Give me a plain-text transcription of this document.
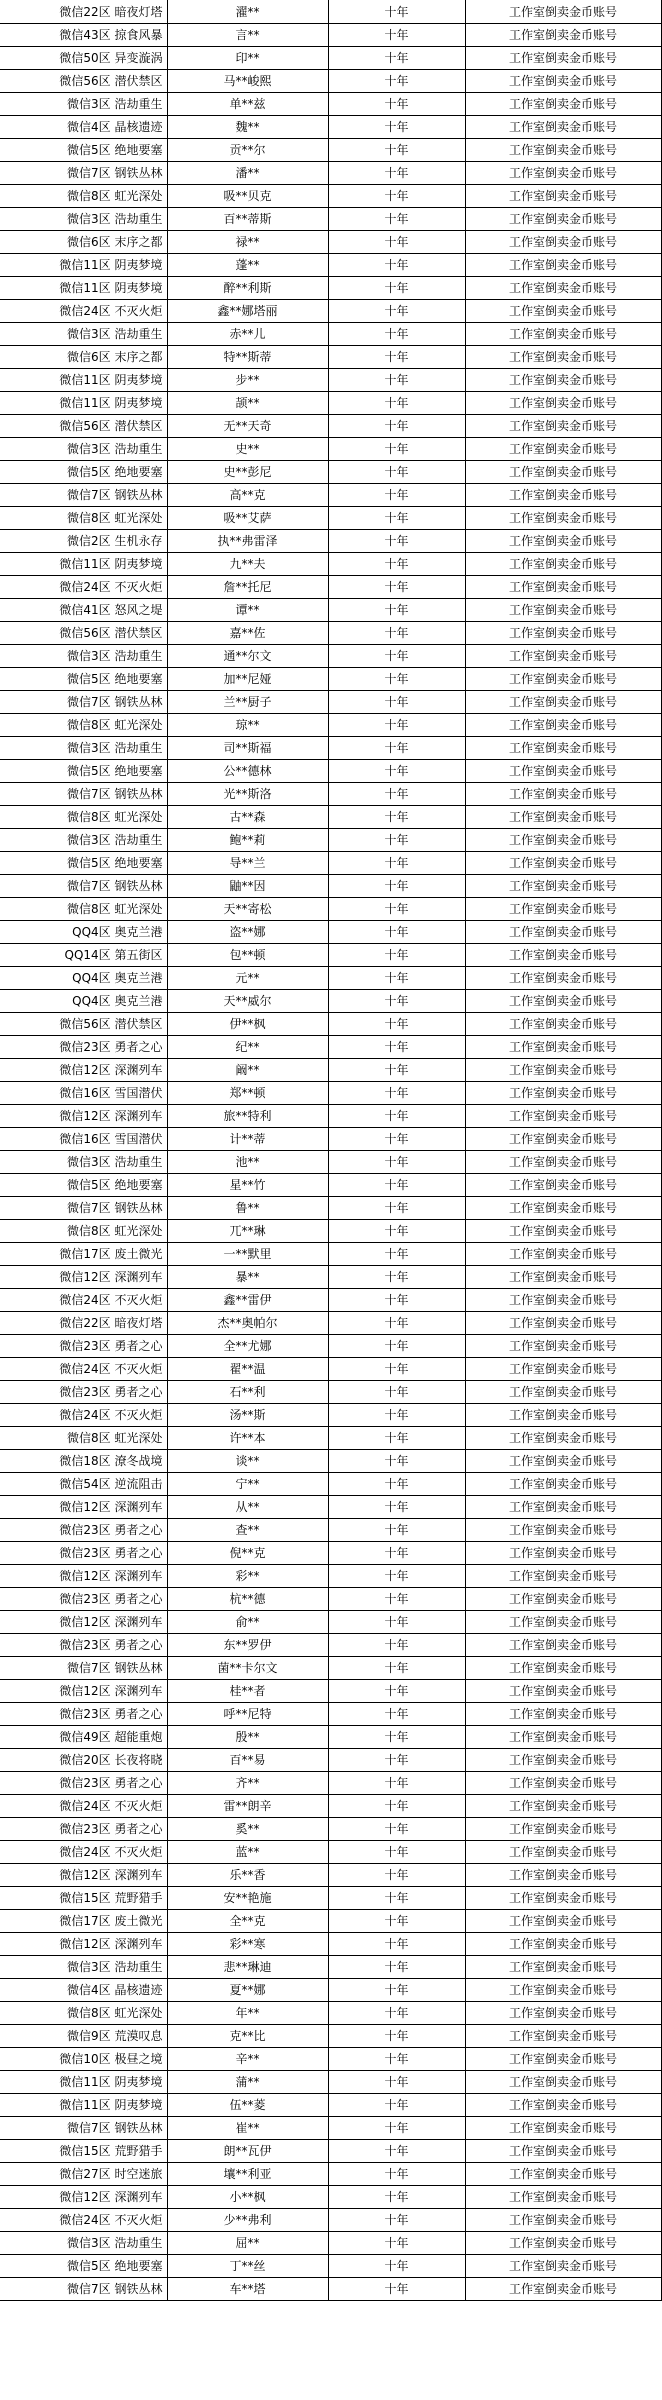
微信22区 暗夜灯塔	濯**	十年	工作室倒卖金币账号
微信43区 掠食风暴	言**	十年	工作室倒卖金币账号
微信50区 异变漩涡	印**	十年	工作室倒卖金币账号
微信56区 潜伏禁区	马**峻熙	十年	工作室倒卖金币账号
微信3区 浩劫重生	单**兹	十年	工作室倒卖金币账号
微信4区 晶核遗迹	魏**	十年	工作室倒卖金币账号
微信5区 绝地要塞	贡**尔	十年	工作室倒卖金币账号
微信7区 钢铁丛林	潘**	十年	工作室倒卖金币账号
微信8区 虹光深处	吸**贝克	十年	工作室倒卖金币账号
微信3区 浩劫重生	百**蒂斯	十年	工作室倒卖金币账号
微信6区 末序之都	禄**	十年	工作室倒卖金币账号
微信11区 阴夷梦境	蓬**	十年	工作室倒卖金币账号
微信11区 阴夷梦境	醉**利斯	十年	工作室倒卖金币账号
微信24区 不灭火炬	鑫**娜塔丽	十年	工作室倒卖金币账号
微信3区 浩劫重生	赤**儿	十年	工作室倒卖金币账号
微信6区 末序之都	特**斯蒂	十年	工作室倒卖金币账号
微信11区 阴夷梦境	步**	十年	工作室倒卖金币账号
微信11区 阴夷梦境	颉**	十年	工作室倒卖金币账号
微信56区 潜伏禁区	无**天奇	十年	工作室倒卖金币账号
微信3区 浩劫重生	史**	十年	工作室倒卖金币账号
微信5区 绝地要塞	史**彭尼	十年	工作室倒卖金币账号
微信7区 钢铁丛林	高**克	十年	工作室倒卖金币账号
微信8区 虹光深处	吸**艾萨	十年	工作室倒卖金币账号
微信2区 生机永存	执**弗雷泽	十年	工作室倒卖金币账号
微信11区 阴夷梦境	九**夫	十年	工作室倒卖金币账号
微信24区 不灭火炬	詹**托尼	十年	工作室倒卖金币账号
微信41区 怒风之堤	谭**	十年	工作室倒卖金币账号
微信56区 潜伏禁区	嘉**佐	十年	工作室倒卖金币账号
微信3区 浩劫重生	通**尔文	十年	工作室倒卖金币账号
微信5区 绝地要塞	加**尼娅	十年	工作室倒卖金币账号
微信7区 钢铁丛林	兰**厨子	十年	工作室倒卖金币账号
微信8区 虹光深处	琼**	十年	工作室倒卖金币账号
微信3区 浩劫重生	司**斯福	十年	工作室倒卖金币账号
微信5区 绝地要塞	公**德林	十年	工作室倒卖金币账号
微信7区 钢铁丛林	光**斯洛	十年	工作室倒卖金币账号
微信8区 虹光深处	古**森	十年	工作室倒卖金币账号
微信3区 浩劫重生	鲍**莉	十年	工作室倒卖金币账号
微信5区 绝地要塞	导**兰	十年	工作室倒卖金币账号
微信7区 钢铁丛林	鼬**因	十年	工作室倒卖金币账号
微信8区 虹光深处	天**寄松	十年	工作室倒卖金币账号
QQ4区 奥克兰港	盗**娜	十年	工作室倒卖金币账号
QQ14区 第五街区	包**顿	十年	工作室倒卖金币账号
QQ4区 奥克兰港	元**	十年	工作室倒卖金币账号
QQ4区 奥克兰港	天**威尔	十年	工作室倒卖金币账号
微信56区 潜伏禁区	伊**枫	十年	工作室倒卖金币账号
微信23区 勇者之心	纪**	十年	工作室倒卖金币账号
微信12区 深渊列车	阚**	十年	工作室倒卖金币账号
微信16区 雪国潜伏	郑**顿	十年	工作室倒卖金币账号
微信12区 深渊列车	旅**特利	十年	工作室倒卖金币账号
微信16区 雪国潜伏	计**蒂	十年	工作室倒卖金币账号
微信3区 浩劫重生	池**	十年	工作室倒卖金币账号
微信5区 绝地要塞	星**竹	十年	工作室倒卖金币账号
微信7区 钢铁丛林	鲁**	十年	工作室倒卖金币账号
微信8区 虹光深处	兀**琳	十年	工作室倒卖金币账号
微信17区 废土微光	一**默里	十年	工作室倒卖金币账号
微信12区 深渊列车	暴**	十年	工作室倒卖金币账号
微信24区 不灭火炬	鑫**雷伊	十年	工作室倒卖金币账号
微信22区 暗夜灯塔	杰**奥帕尔	十年	工作室倒卖金币账号
微信23区 勇者之心	全**尤娜	十年	工作室倒卖金币账号
微信24区 不灭火炬	翟**温	十年	工作室倒卖金币账号
微信23区 勇者之心	石**利	十年	工作室倒卖金币账号
微信24区 不灭火炬	汤**斯	十年	工作室倒卖金币账号
微信8区 虹光深处	许**本	十年	工作室倒卖金币账号
微信18区 潦冬战境	谈**	十年	工作室倒卖金币账号
微信54区 逆流阻击	宁**	十年	工作室倒卖金币账号
微信12区 深渊列车	从**	十年	工作室倒卖金币账号
微信23区 勇者之心	查**	十年	工作室倒卖金币账号
微信23区 勇者之心	倪**克	十年	工作室倒卖金币账号
微信12区 深渊列车	彩**	十年	工作室倒卖金币账号
微信23区 勇者之心	杭**德	十年	工作室倒卖金币账号
微信12区 深渊列车	俞**	十年	工作室倒卖金币账号
微信23区 勇者之心	东**罗伊	十年	工作室倒卖金币账号
微信7区 钢铁丛林	菌**卡尔文	十年	工作室倒卖金币账号
微信12区 深渊列车	桂**者	十年	工作室倒卖金币账号
微信23区 勇者之心	呼**尼特	十年	工作室倒卖金币账号
微信49区 超能重炮	殷**	十年	工作室倒卖金币账号
微信20区 长夜将晓	百**易	十年	工作室倒卖金币账号
微信23区 勇者之心	齐**	十年	工作室倒卖金币账号
微信24区 不灭火炬	雷**朗辛	十年	工作室倒卖金币账号
微信23区 勇者之心	奚**	十年	工作室倒卖金币账号
微信24区 不灭火炬	蓝**	十年	工作室倒卖金币账号
微信12区 深渊列车	乐**香	十年	工作室倒卖金币账号
微信15区 荒野猎手	安**艳施	十年	工作室倒卖金币账号
微信17区 废土微光	全**克	十年	工作室倒卖金币账号
微信12区 深渊列车	彩**寒	十年	工作室倒卖金币账号
微信3区 浩劫重生	悲**琳迪	十年	工作室倒卖金币账号
微信4区 晶核遗迹	夏**娜	十年	工作室倒卖金币账号
微信8区 虹光深处	年**	十年	工作室倒卖金币账号
微信9区 荒漠叹息	克**比	十年	工作室倒卖金币账号
微信10区 极昼之境	辛**	十年	工作室倒卖金币账号
微信11区 阴夷梦境	蒲**	十年	工作室倒卖金币账号
微信11区 阴夷梦境	伍**菱	十年	工作室倒卖金币账号
微信7区 钢铁丛林	崔**	十年	工作室倒卖金币账号
微信15区 荒野猎手	朗**瓦伊	十年	工作室倒卖金币账号
微信27区 时空迷旅	壤**利亚	十年	工作室倒卖金币账号
微信12区 深渊列车	小**枫	十年	工作室倒卖金币账号
微信24区 不灭火炬	少**弗利	十年	工作室倒卖金币账号
微信3区 浩劫重生	屈**	十年	工作室倒卖金币账号
微信5区 绝地要塞	丁**丝	十年	工作室倒卖金币账号
微信7区 钢铁丛林	车**塔	十年	工作室倒卖金币账号
